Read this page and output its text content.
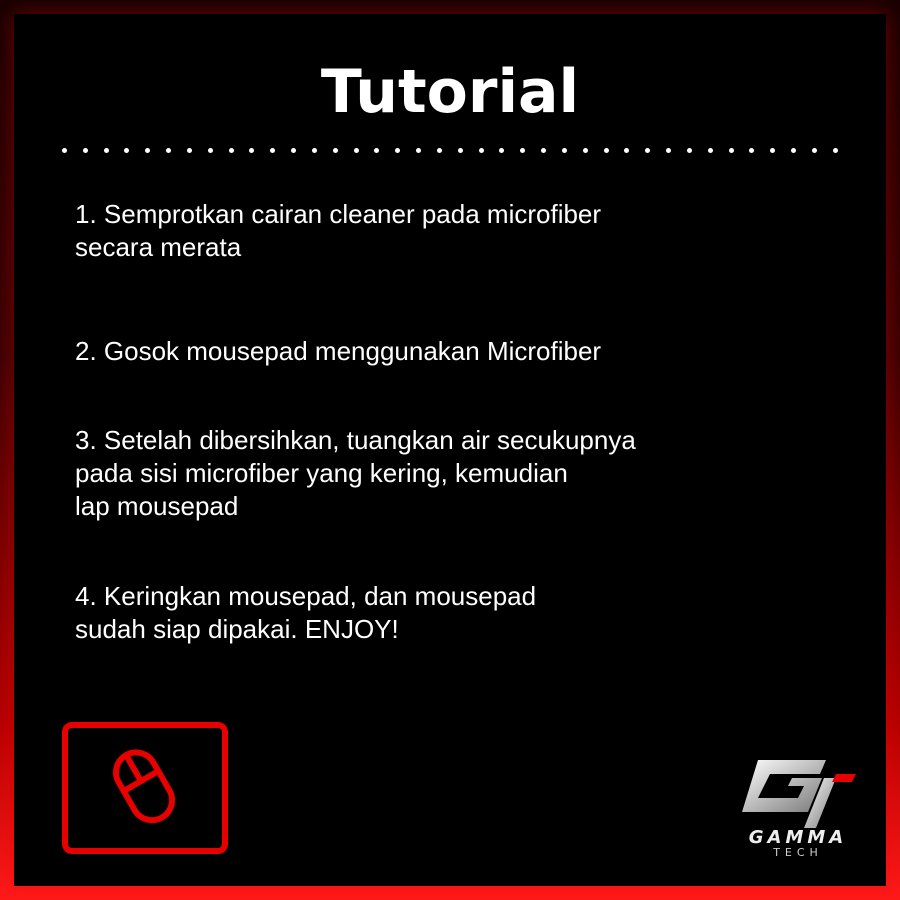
Tutorial
1. Semprotkan cairan cleaner pada microfiber
secara merata
2. Gosok mousepad menggunakan Microfiber
3. Setelah dibersihkan, tuangkan air secukupnya
pada sisi microfiber yang kering, kemudian
lap mousepad
4. Keringkan mousepad, dan mousepad
sudah siap dipakai. ENJOY!
GAMMA
TECH
